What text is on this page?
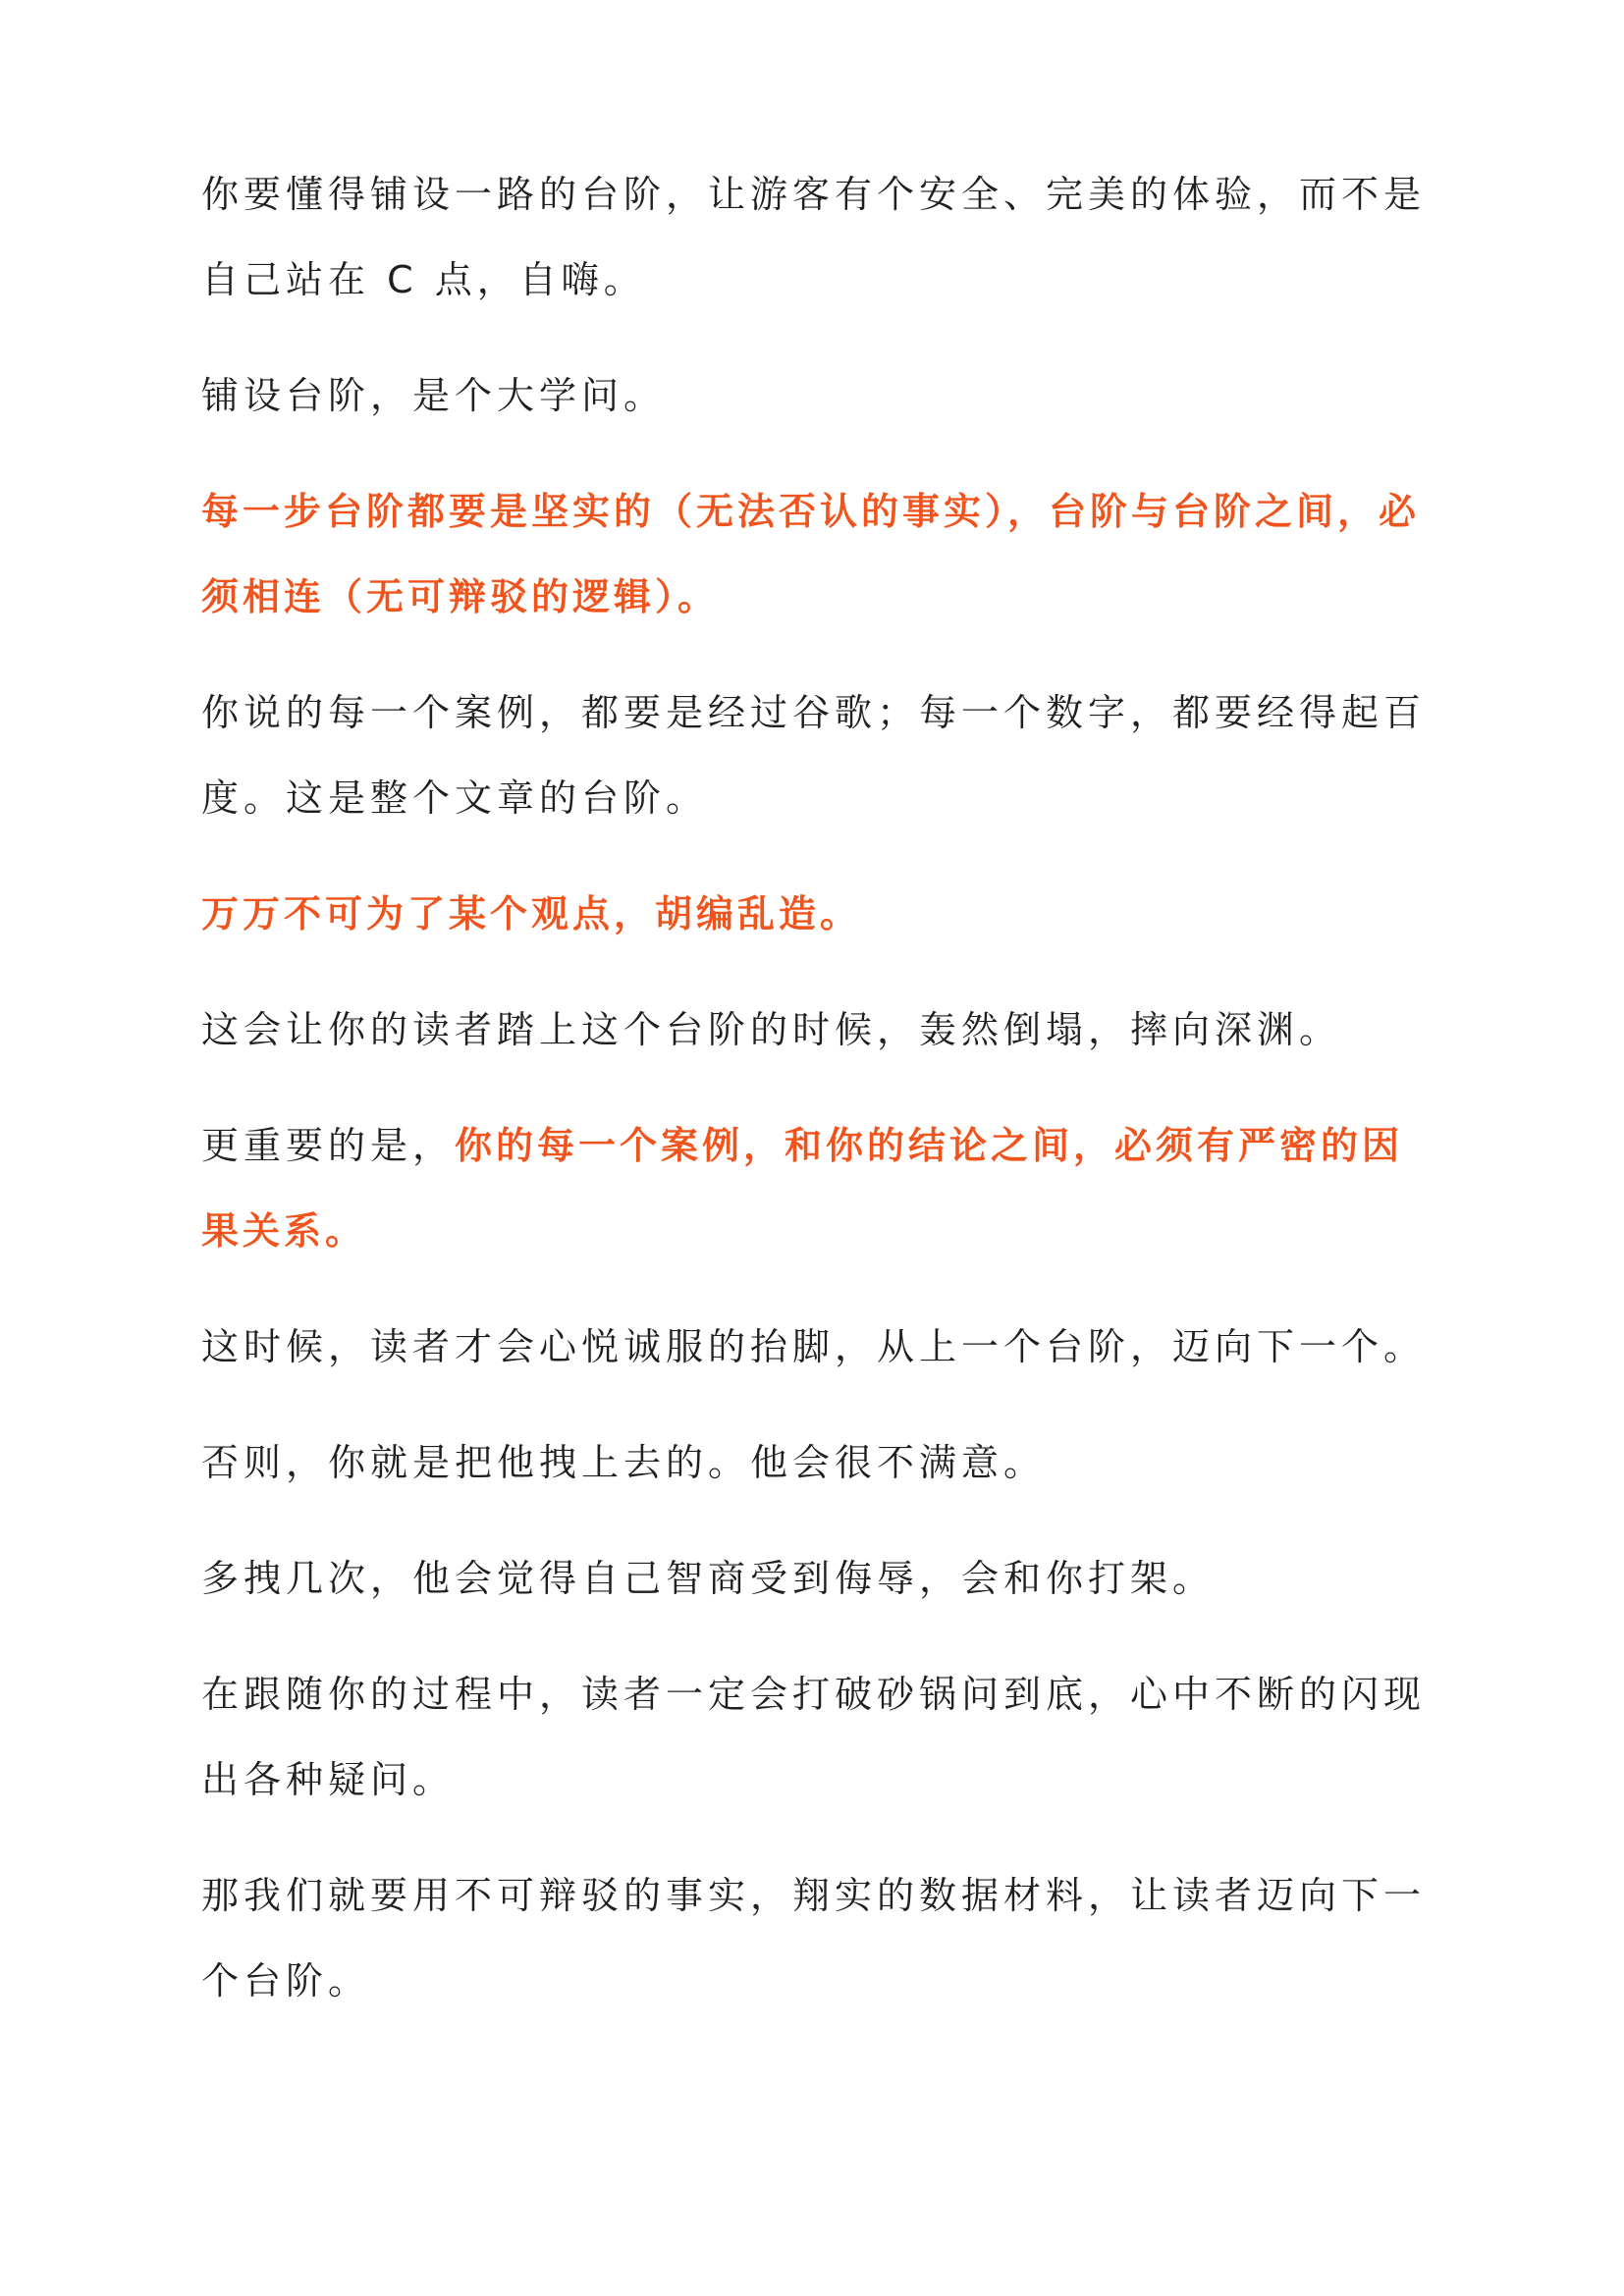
你要懂得铺设一路的台阶，让游客有个安全、完美的体验，而不是自己站在 C 点，自嗨。

铺设台阶，是个大学问。

每一步台阶都要是坚实的（无法否认的事实），台阶与台阶之间，必须相连（无可辩驳的逻辑）。

你说的每一个案例，都要是经过谷歌；每一个数字，都要经得起百度。这是整个文章的台阶。

万万不可为了某个观点，胡编乱造。

这会让你的读者踏上这个台阶的时候，轰然倒塌，摔向深渊。

更重要的是，你的每一个案例，和你的结论之间，必须有严密的因果关系。

这时候，读者才会心悦诚服的抬脚，从上一个台阶，迈向下一个。

否则，你就是把他拽上去的。他会很不满意。

多拽几次，他会觉得自己智商受到侮辱，会和你打架。

在跟随你的过程中，读者一定会打破砂锅问到底，心中不断的闪现出各种疑问。

那我们就要用不可辩驳的事实，翔实的数据材料，让读者迈向下一个台阶。
